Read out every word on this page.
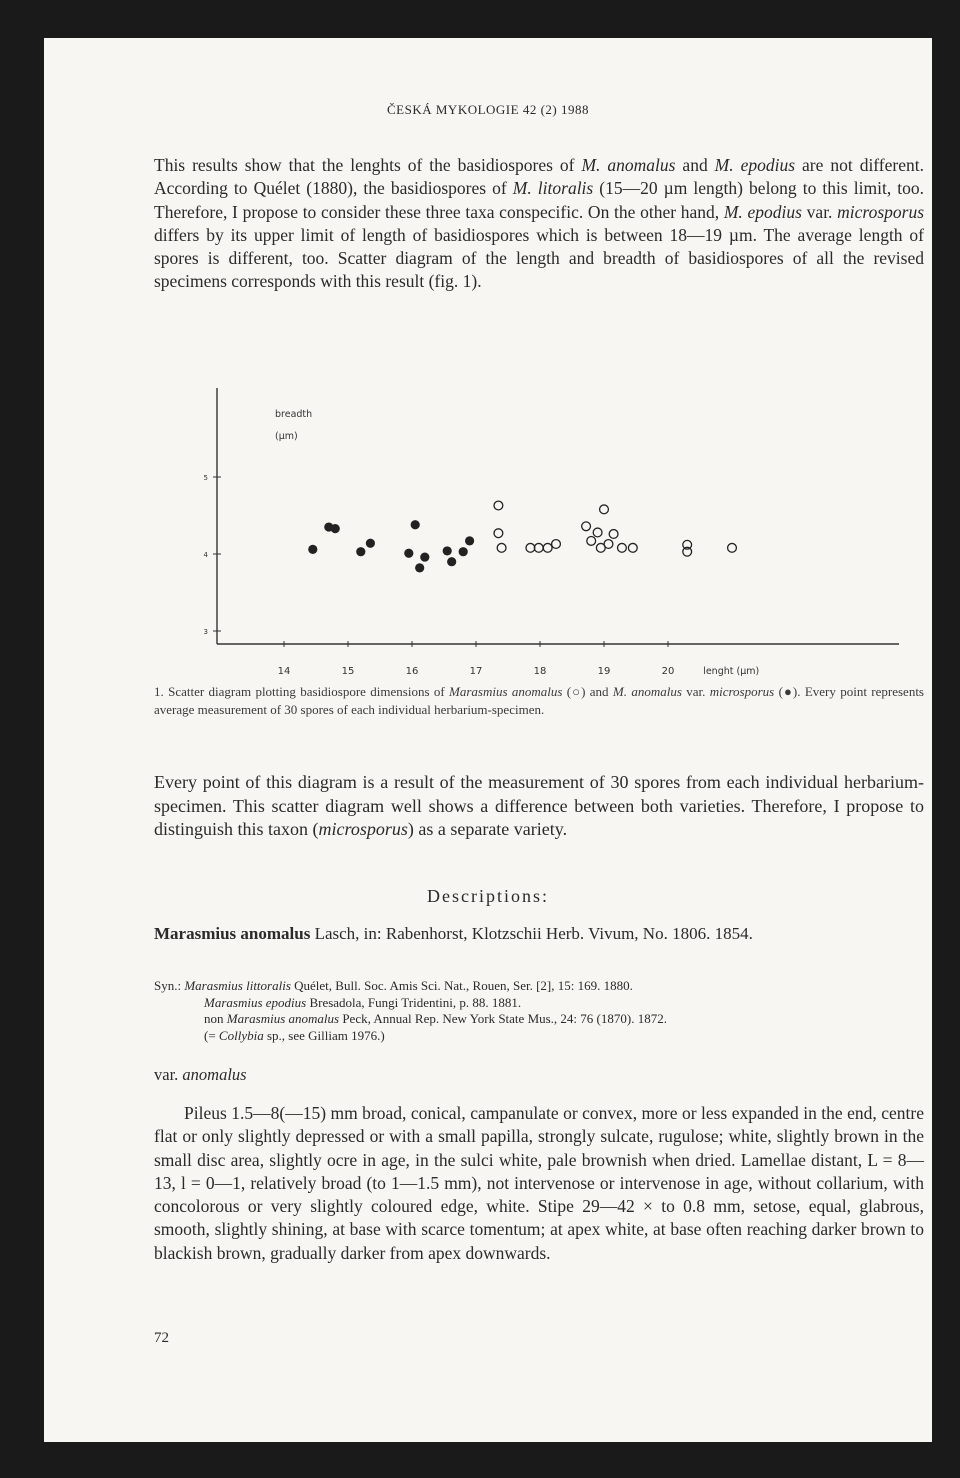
ČESKÁ MYKOLOGIE 42 (2) 1988
This results show that the lenghts of the basidiospores of M. anomalus and M. epodius are not different. According to Quélet (1880), the basidiospores of M. litoralis (15—20 µm length) belong to this limit, too. Therefore, I propose to consider these three taxa conspecific. On the other hand, M. epodius var. microsporus differs by its upper limit of length of basidiospores which is between 18—19 µm. The average length of spores is different, too. Scatter diagram of the length and breadth of basidiospores of all the revised specimens corresponds with this result (fig. 1).
5
4
3
14	15	16	17	18	19	20	lenght (µm)
breadth
(µm)
1. Scatter diagram plotting basidiospore dimensions of Marasmius anomalus (○) and M. anomalus var. microsporus (●). Every point represents average measurement of 30 spores of each individual herbarium-specimen.
Every point of this diagram is a result of the measurement of 30 spores from each individual herbarium-specimen. This scatter diagram well shows a difference between both varieties. Therefore, I propose to distinguish this taxon (microsporus) as a separate variety.
Descriptions:

Marasmius anomalus Lasch, in: Rabenhorst, Klotzschii Herb. Vivum, No. 1806. 1854.

Syn.: Marasmius littoralis Quélet, Bull. Soc. Amis Sci. Nat., Rouen, Ser. [2], 15: 169. 1880.

Marasmius epodius Bresadola, Fungi Tridentini, p. 88. 1881.

non Marasmius anomalus Peck, Annual Rep. New York State Mus., 24: 76 (1870). 1872.

(= Collybia sp., see Gilliam 1976.)

var. anomalus
Pileus 1.5—8(—15) mm broad, conical, campanulate or convex, more or less expanded in the end, centre flat or only slightly depressed or with a small papilla, strongly sulcate, rugulose; white, slightly brown in the small disc area, slightly ocre in age, in the sulci white, pale brownish when dried. Lamellae distant, L = 8—13, l = 0—1, relatively broad (to 1—1.5 mm), not intervenose or intervenose in age, without collarium, with concolorous or very slightly coloured edge, white. Stipe 29—42 × to 0.8 mm, setose, equal, glabrous, smooth, slightly shining, at base with scarce tomentum; at apex white, at base often reaching darker brown to blackish brown, gradually darker from apex downwards.
72
